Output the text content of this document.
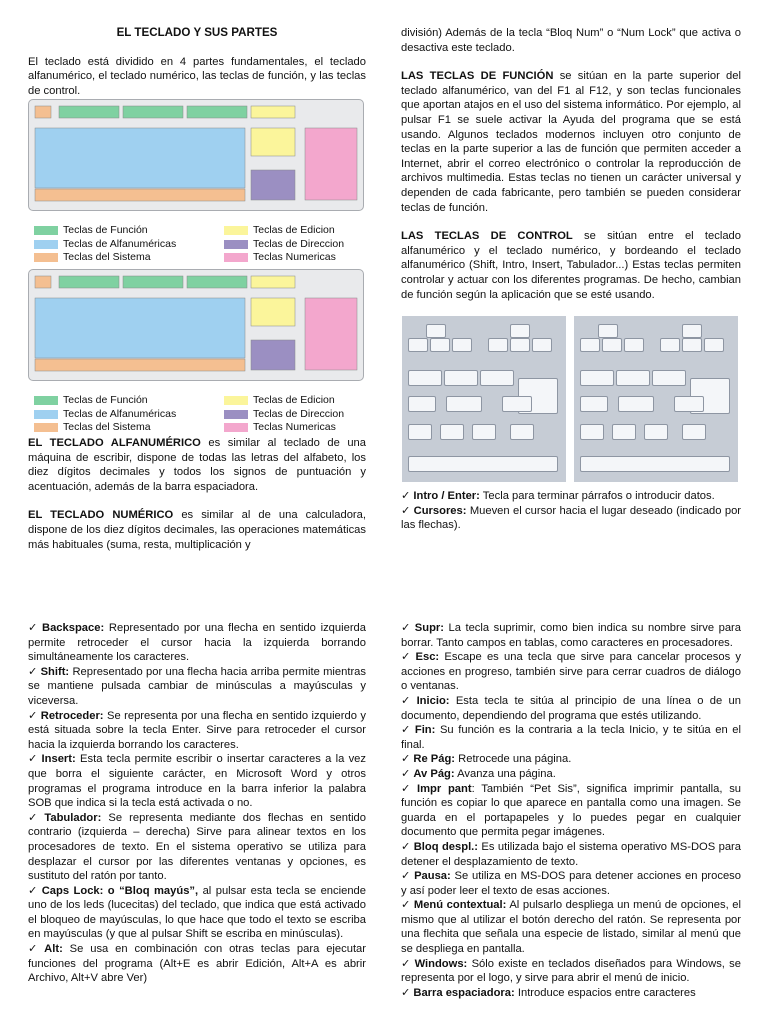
EL TECLADO Y SUS PARTES

El teclado está dividido en 4 partes fundamentales, el teclado alfanumérico, el teclado numérico, las teclas de función, y las teclas de control.

Teclas de Función	Teclas de Edicion
Teclas de Alfanuméricas	Teclas de Direccion
Teclas del Sistema	Teclas Numericas
Teclas de Función	Teclas de Edicion
Teclas de Alfanuméricas	Teclas de Direccion
Teclas del Sistema	Teclas Numericas

EL TECLADO ALFANUMÉRICO es similar al teclado de una máquina de escribir, dispone de todas las letras del alfabeto, los diez dígitos decimales y todos los signos de puntuación y acentuación, además de la barra espaciadora.

EL TECLADO NUMÉRICO es similar al de una calculadora, dispone de los diez dígitos decimales, las operaciones matemáticas más habituales (suma, resta, multiplicación y

división) Además de la tecla “Bloq Num” o “Num Lock” que activa o desactiva este teclado.

LAS TECLAS DE FUNCIÓN se sitúan en la parte superior del teclado alfanumérico, van del F1 al F12, y son teclas funcionales que aportan atajos en el uso del sistema informático. Por ejemplo, al pulsar F1 se suele activar la Ayuda del programa que se está usando. Algunos teclados modernos incluyen otro conjunto de teclas en la parte superior a las de función que permiten acceder a Internet, abrir el correo electrónico o controlar la reproducción de archivos multimedia. Estas teclas no tienen un carácter universal y dependen de cada fabricante, pero también se pueden considerar teclas de función.

LAS TECLAS DE CONTROL se sitúan entre el teclado alfanumérico y el teclado numérico, y bordeando el teclado alfanumérico (Shift, Intro, Insert, Tabulador...) Estas teclas permiten controlar y actuar con los diferentes programas. De hecho, cambian de función según la aplicación que se esté usando.

✓ Intro / Enter: Tecla para terminar párrafos o introducir datos.

✓ Cursores: Mueven el cursor hacia el lugar deseado (indicado por las flechas).

✓ Backspace: Representado por una flecha en sentido izquierda permite retroceder el cursor hacia la izquierda borrando simultáneamente los caracteres.

✓ Shift: Representado por una flecha hacia arriba permite mientras se mantiene pulsada cambiar de minúsculas a mayúsculas y viceversa.

✓ Retroceder: Se representa por una flecha en sentido izquierdo y está situada sobre la tecla Enter. Sirve para retroceder el cursor hacia la izquierda borrando los caracteres.

✓ Insert: Esta tecla permite escribir o insertar caracteres a la vez que borra el siguiente carácter, en Microsoft Word y otros programas el programa introduce en la barra inferior la palabra SOB que indica si la tecla está activada o no.

✓ Tabulador: Se representa mediante dos flechas en sentido contrario (izquierda – derecha) Sirve para alinear textos en los procesadores de texto. En el sistema operativo se utiliza para desplazar el cursor por las diferentes ventanas y opciones, es sustituto del ratón por tanto.

✓ Caps Lock: o “Bloq mayús”, al pulsar esta tecla se enciende uno de los leds (lucecitas) del teclado, que indica que está activado el bloqueo de mayúsculas, lo que hace que todo el texto se escriba en mayúsculas (y que al pulsar Shift se escriba en minúsculas).

✓ Alt: Se usa en combinación con otras teclas para ejecutar funciones del programa (Alt+E es abrir Edición, Alt+A es abrir Archivo, Alt+V abre Ver)

✓ Supr: La tecla suprimir, como bien indica su nombre sirve para borrar. Tanto campos en tablas, como caracteres en procesadores.

✓ Esc: Escape es una tecla que sirve para cancelar procesos y acciones en progreso, también sirve para cerrar cuadros de diálogo o ventanas.

✓ Inicio: Esta tecla te sitúa al principio de una línea o de un documento, dependiendo del programa que estés utilizando.

✓ Fin: Su función es la contraria a la tecla Inicio, y te sitúa en el final.

✓ Re Pág: Retrocede una página.

✓ Av Pág: Avanza una página.

✓ Impr pant: También “Pet Sis”, significa imprimir pantalla, su función es copiar lo que aparece en pantalla como una imagen. Se guarda en el portapapeles y lo puedes pegar en cualquier documento que permita pegar imágenes.

✓ Bloq despl.: Es utilizada bajo el sistema operativo MS-DOS para detener el desplazamiento de texto.

✓ Pausa: Se utiliza en MS-DOS para detener acciones en proceso y así poder leer el texto de esas acciones.

✓ Menú contextual: Al pulsarlo despliega un menú de opciones, el mismo que al utilizar el botón derecho del ratón. Se representa por una flechita que señala una especie de listado, similar al menú que se despliega en pantalla.

✓ Windows: Sólo existe en teclados diseñados para Windows, se representa por el logo, y sirve para abrir el menú de inicio.

✓ Barra espaciadora: Introduce espacios entre caracteres
